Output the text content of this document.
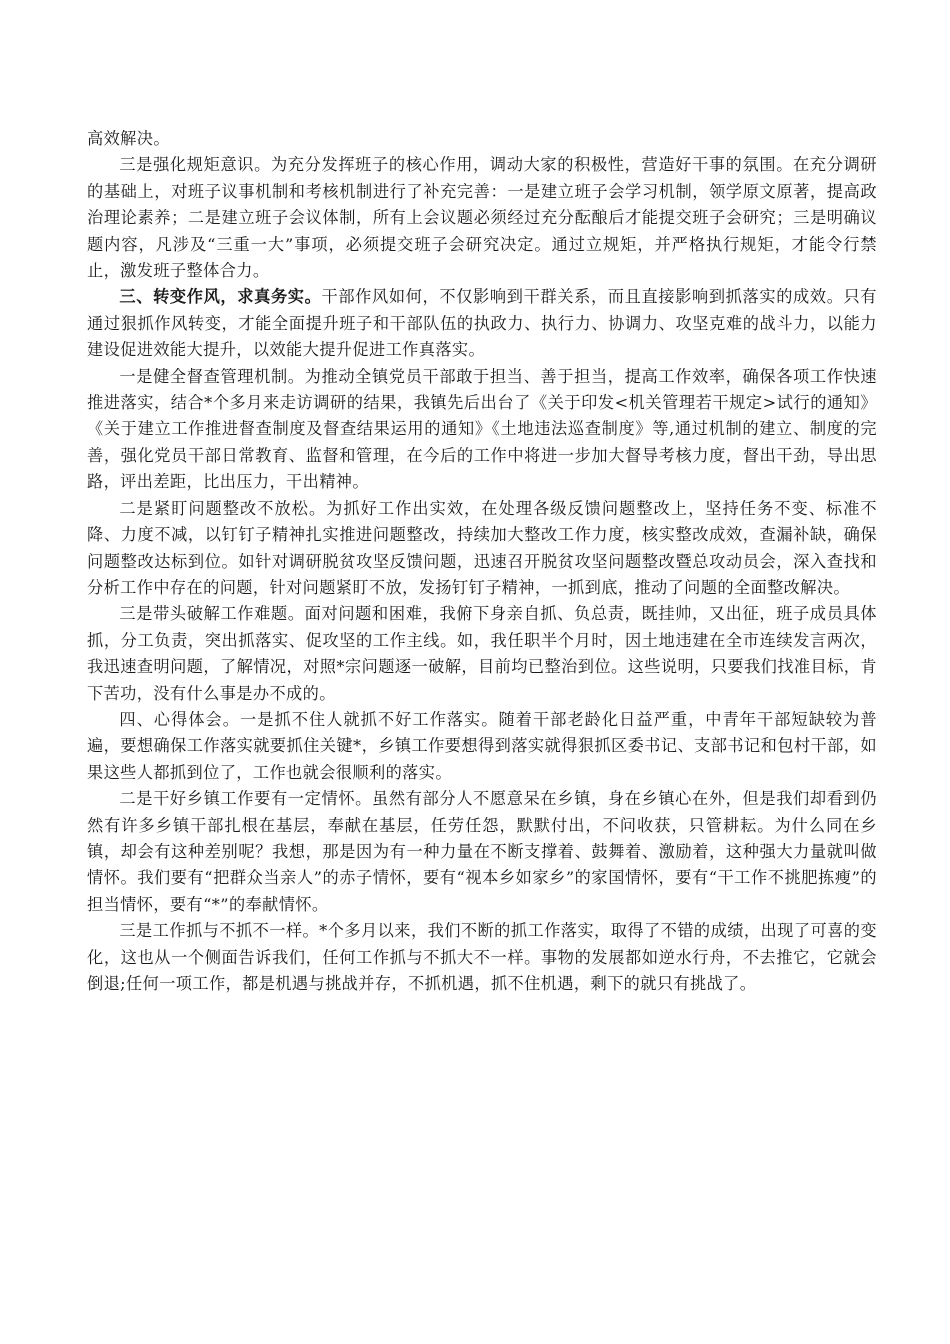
高效解决。

三是强化规矩意识。为充分发挥班子的核心作用，调动大家的积极性，营造好干事的氛围。在充分调研的基础上，对班子议事机制和考核机制进行了补充完善：一是建立班子会学习机制，领学原文原著，提高政治理论素养；二是建立班子会议体制，所有上会议题必须经过充分酝酿后才能提交班子会研究；三是明确议题内容，凡涉及“三重一大”事项，必须提交班子会研究决定。通过立规矩，并严格执行规矩，才能令行禁止，激发班子整体合力。

三、转变作风，求真务实。干部作风如何，不仅影响到干群关系，而且直接影响到抓落实的成效。只有通过狠抓作风转变，才能全面提升班子和干部队伍的执政力、执行力、协调力、攻坚克难的战斗力，以能力建设促进效能大提升，以效能大提升促进工作真落实。

一是健全督查管理机制。为推动全镇党员干部敢于担当、善于担当，提高工作效率，确保各项工作快速推进落实，结合*个多月来走访调研的结果，我镇先后出台了《关于印发<机关管理若干规定>试行的通知》《关于建立工作推进督查制度及督查结果运用的通知》《土地违法巡查制度》等,通过机制的建立、制度的完善，强化党员干部日常教育、监督和管理，在今后的工作中将进一步加大督导考核力度，督出干劲，导出思路，评出差距，比出压力，干出精神。

二是紧盯问题整改不放松。为抓好工作出实效，在处理各级反馈问题整改上，坚持任务不变、标准不降、力度不减，以钉钉子精神扎实推进问题整改，持续加大整改工作力度，核实整改成效，查漏补缺，确保问题整改达标到位。如针对调研脱贫攻坚反馈问题，迅速召开脱贫攻坚问题整改暨总攻动员会，深入查找和分析工作中存在的问题，针对问题紧盯不放，发扬钉钉子精神，一抓到底，推动了问题的全面整改解决。

三是带头破解工作难题。面对问题和困难，我俯下身亲自抓、负总责，既挂帅，又出征，班子成员具体抓，分工负责，突出抓落实、促攻坚的工作主线。如，我任职半个月时，因土地违建在全市连续发言两次，我迅速查明问题，了解情况，对照*宗问题逐一破解，目前均已整治到位。这些说明，只要我们找准目标，肯下苦功，没有什么事是办不成的。

四、心得体会。一是抓不住人就抓不好工作落实。随着干部老龄化日益严重，中青年干部短缺较为普遍，要想确保工作落实就要抓住关键*，乡镇工作要想得到落实就得狠抓区委书记、支部书记和包村干部，如果这些人都抓到位了，工作也就会很顺利的落实。

二是干好乡镇工作要有一定情怀。虽然有部分人不愿意呆在乡镇，身在乡镇心在外，但是我们却看到仍然有许多乡镇干部扎根在基层，奉献在基层，任劳任怨，默默付出，不问收获，只管耕耘。为什么同在乡镇，却会有这种差别呢？我想，那是因为有一种力量在不断支撑着、鼓舞着、激励着，这种强大力量就叫做情怀。我们要有“把群众当亲人”的赤子情怀，要有“视本乡如家乡”的家国情怀，要有“干工作不挑肥拣瘦”的担当情怀，要有“*”的奉献情怀。

三是工作抓与不抓不一样。*个多月以来，我们不断的抓工作落实，取得了不错的成绩，出现了可喜的变化，这也从一个侧面告诉我们，任何工作抓与不抓大不一样。事物的发展都如逆水行舟，不去推它，它就会倒退;任何一项工作，都是机遇与挑战并存，不抓机遇，抓不住机遇，剩下的就只有挑战了。
